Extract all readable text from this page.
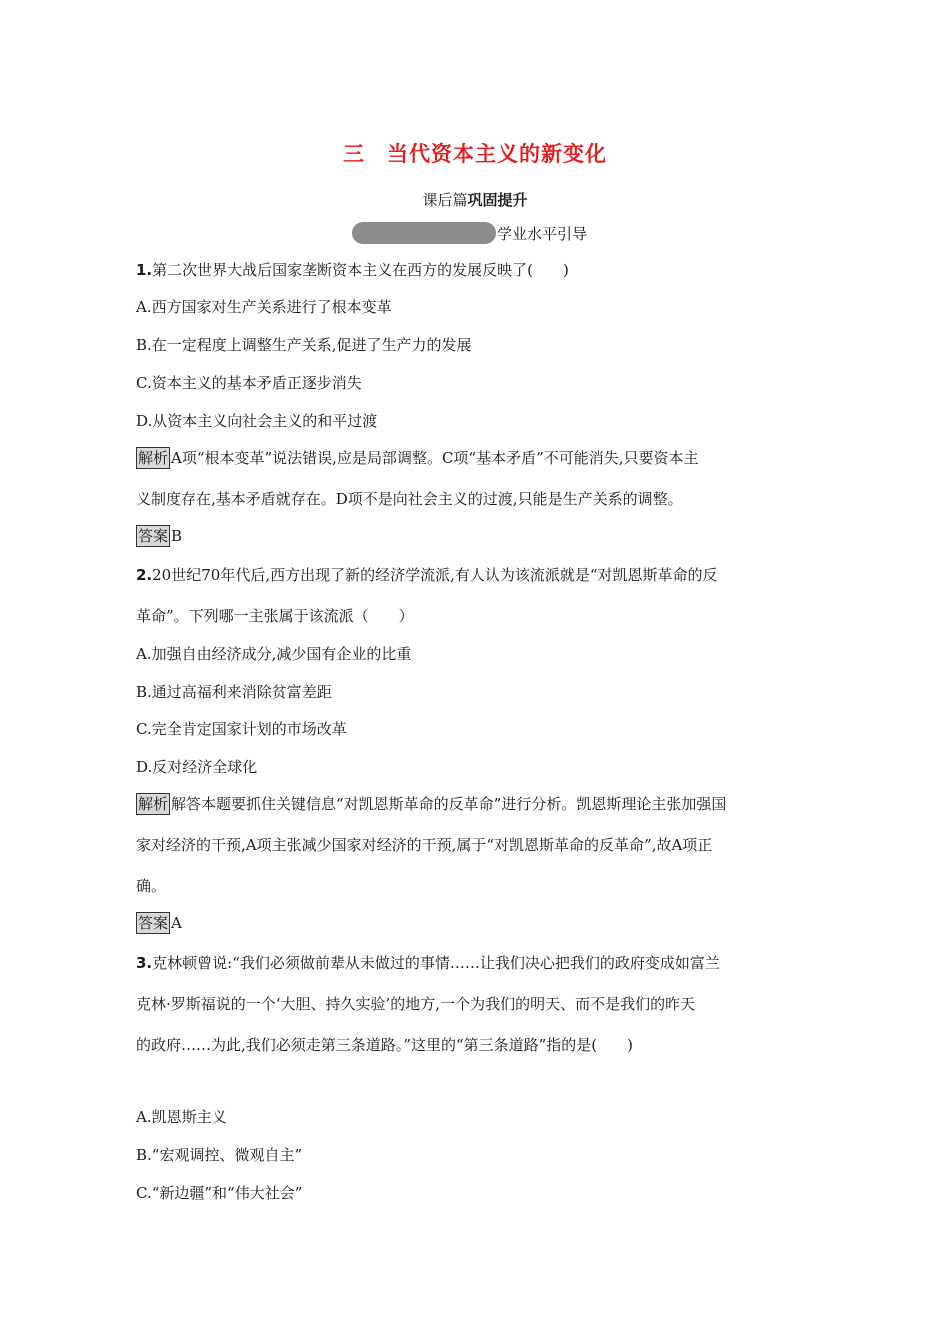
三　当代资本主义的新变化
课后篇巩固提升
学业水平引导
1.第二次世界大战后国家垄断资本主义在西方的发展反映了(　　)
A.西方国家对生产关系进行了根本变革
B.在一定程度上调整生产关系,促进了生产力的发展
C.资本主义的基本矛盾正逐步消失
D.从资本主义向社会主义的和平过渡
解析 A项“根本变革”说法错误,应是局部调整。C项“基本矛盾”不可能消失,只要资本主
义制度存在,基本矛盾就存在。D项不是向社会主义的过渡,只能是生产关系的调整。
答案 B
2.20世纪70年代后,西方出现了新的经济学流派,有人认为该流派就是“对凯恩斯革命的反
革命”。下列哪一主张属于该流派（　　）
A.加强自由经济成分,减少国有企业的比重
B.通过高福利来消除贫富差距
C.完全肯定国家计划的市场改革
D.反对经济全球化
解析 解答本题要抓住关键信息“对凯恩斯革命的反革命”进行分析。凯恩斯理论主张加强国
家对经济的干预,A项主张减少国家对经济的干预,属于“对凯恩斯革命的反革命”,故A项正
确。
答案 A
3.克林顿曾说:“我们必须做前辈从未做过的事情……让我们决心把我们的政府变成如富兰
克林·罗斯福说的一个‘大胆、持久实验’的地方,一个为我们的明天、而不是我们的昨天
的政府……为此,我们必须走第三条道路。”这里的“第三条道路”指的是(　　)
A.凯恩斯主义
B.“宏观调控、微观自主”
C.“新边疆”和“伟大社会”
